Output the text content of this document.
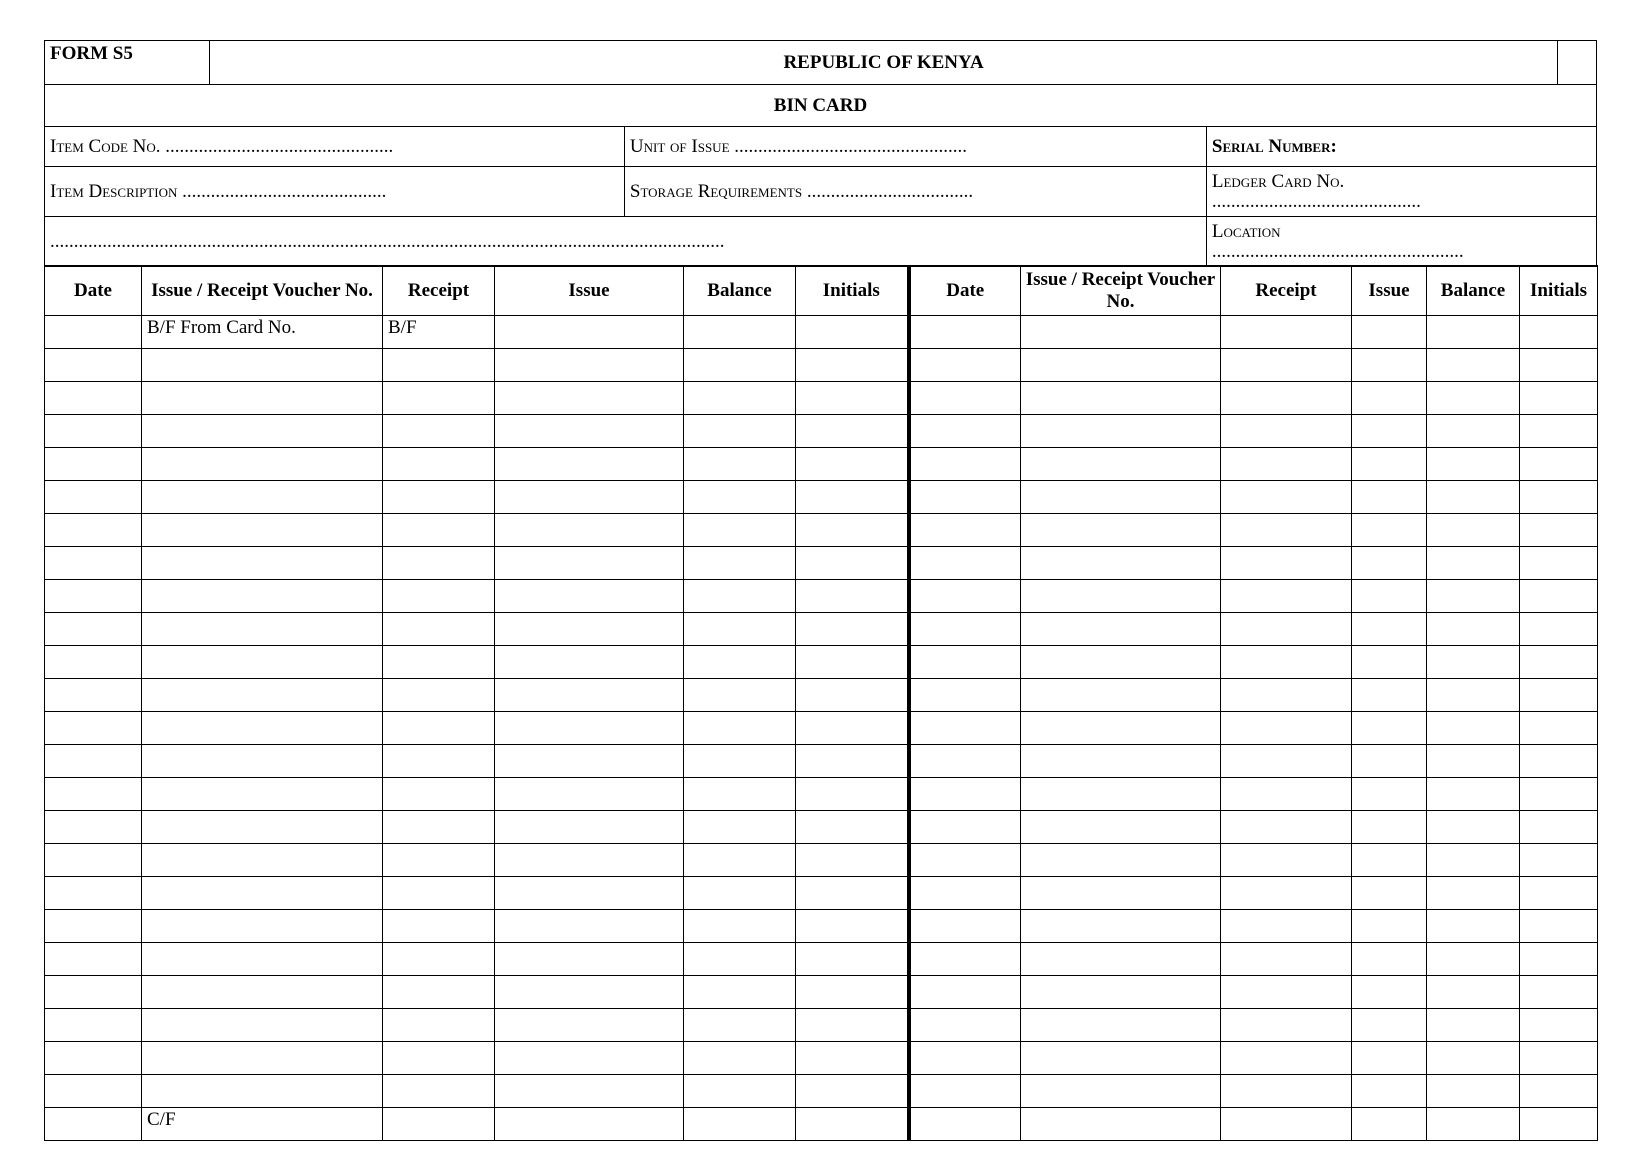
FORM S5	REPUBLIC OF KENYA			
BIN CARD				
Item Code No. ................................................		Unit of Issue .................................................	Serial Number:	
Item Description ...........................................		Storage Requirements ...................................	Ledger Card No.
............................................	

..............................................................................................................................................			Location
.....................................................	
Date	Issue / Receipt Voucher No.	Receipt	Issue	Balance	Initials	Date	Issue / Receipt Voucher No.	Receipt	Issue	Balance	Initials
	B/F From Card No.	B/F									

	C/F										
